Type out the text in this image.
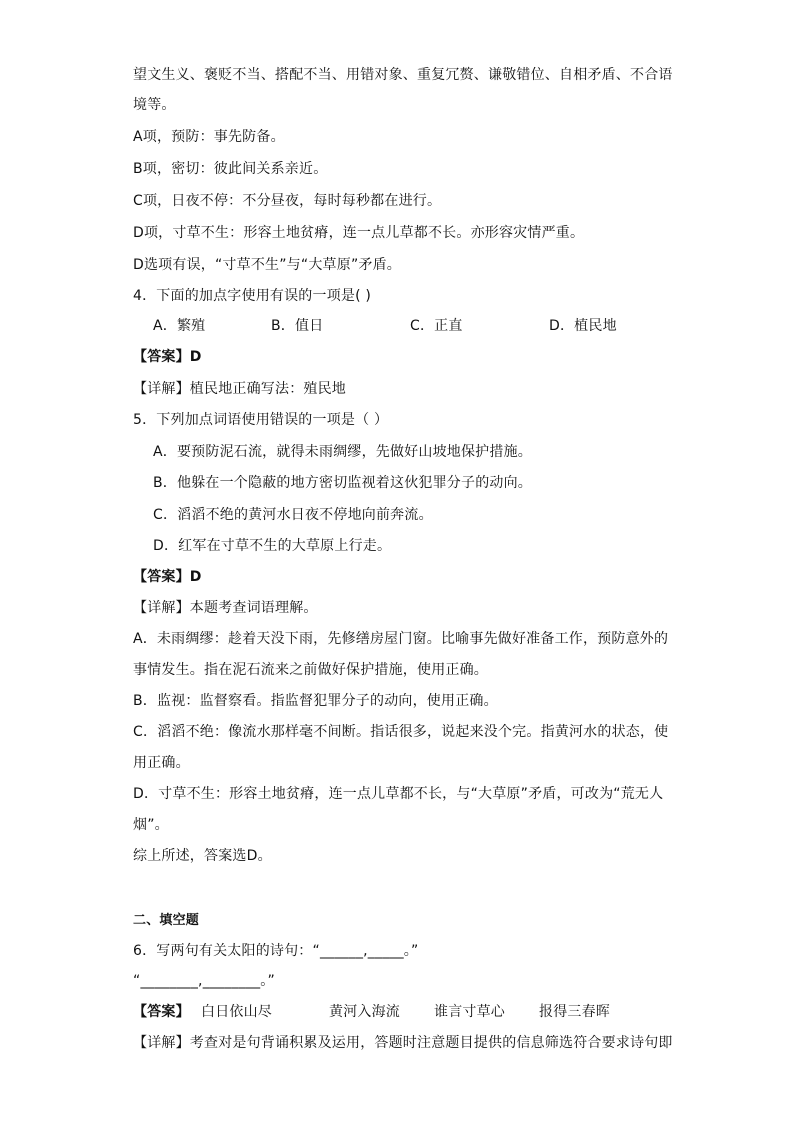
望文生义、褒贬不当、搭配不当、用错对象、重复冗赘、谦敬错位、自相矛盾、不合语
境等。
A项，预防：事先防备。
B项，密切：彼此间关系亲近。
C项，日夜不停：不分昼夜，每时每秒都在进行。
D项，寸草不生：形容土地贫瘠，连一点儿草都不长。亦形容灾情严重。
D选项有误，“寸草不生”与“大草原”矛盾。
4．下面的加点字使用有误的一项是( )
A．繁殖	B．值日	C．正直	D．植民地
【答案】D
【详解】植民地正确写法：殖民地
5．下列加点词语使用错误的一项是（ ）
A．要预防泥石流，就得未雨绸缪，先做好山坡地保护措施。
B．他躲在一个隐蔽的地方密切监视着这伙犯罪分子的动向。
C．滔滔不绝的黄河水日夜不停地向前奔流。
D．红军在寸草不生的大草原上行走。
【答案】D
【详解】本题考查词语理解。
A．未雨绸缪：趁着天没下雨，先修缮房屋门窗。比喻事先做好准备工作，预防意外的
事情发生。指在泥石流来之前做好保护措施，使用正确。
B．监视：监督察看。指监督犯罪分子的动向，使用正确。
C．滔滔不绝：像流水那样毫不间断。指话很多，说起来没个完。指黄河水的状态，使
用正确。
D．寸草不生：形容土地贫瘠，连一点儿草都不长，与“大草原”矛盾，可改为“荒无人
烟”。
综上所述，答案选D。
二、填空题
6．写两句有关太阳的诗句：“______,_____。”
“________,________。”
【答案】 白日依山尽	黄河入海流 谁言寸草心 报得三春晖
【详解】考查对是句背诵积累及运用，答题时注意题目提供的信息筛选符合要求诗句即
